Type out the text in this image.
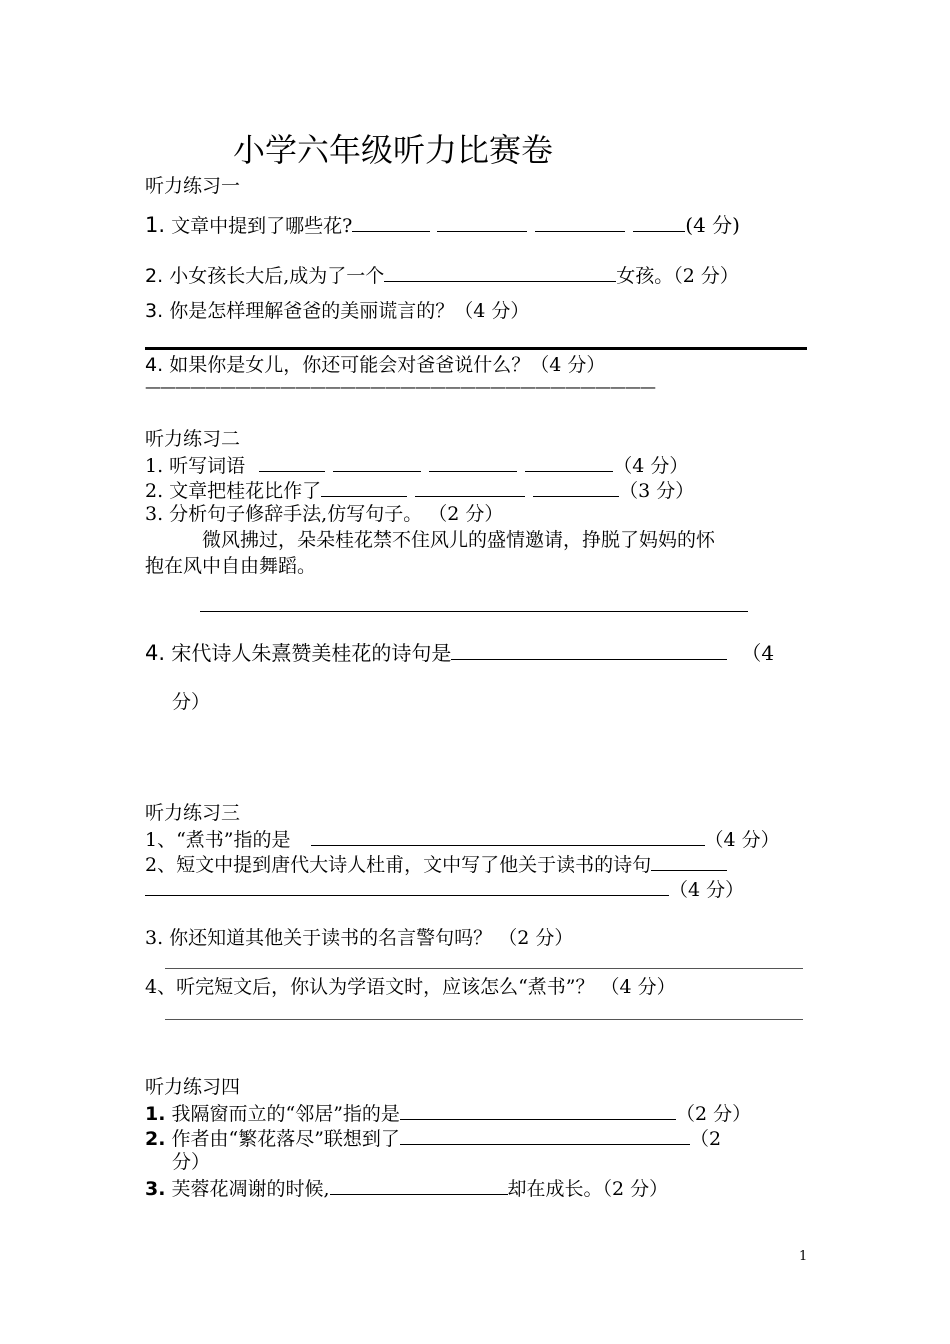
小学六年级听力比赛卷
听力练习一
1. 文章中提到了哪些花?	(4 分)
2. 小女孩长大后,成为了一个	女孩。（2 分）
3. 你是怎样理解爸爸的美丽谎言的？（4 分）
4. 如果你是女儿，你还可能会对爸爸说什么？（4 分）
——————————————————————————————————
听力练习二
1. 听写词语	（4 分）
2. 文章把桂花比作了	（3 分）
3. 分析句子修辞手法,仿写句子。 （2 分）
微风拂过，朵朵桂花禁不住风儿的盛情邀请，挣脱了妈妈的怀
抱在风中自由舞蹈。
4. 宋代诗人朱熹赞美桂花的诗句是	（4
分）
听力练习三
1、“煮书”指的是	（4 分）
2、短文中提到唐代大诗人杜甫，文中写了他关于读书的诗句
（4 分）
3. 你还知道其他关于读书的名言警句吗？ （2 分）
4、听完短文后，你认为学语文时，应该怎么“煮书”？ （4 分）
听力练习四
1. 我隔窗而立的“邻居”指的是	（2 分）
2. 作者由“繁花落尽”联想到了	（2
分）
3. 芙蓉花凋谢的时候,	却在成长。（2 分）
1
